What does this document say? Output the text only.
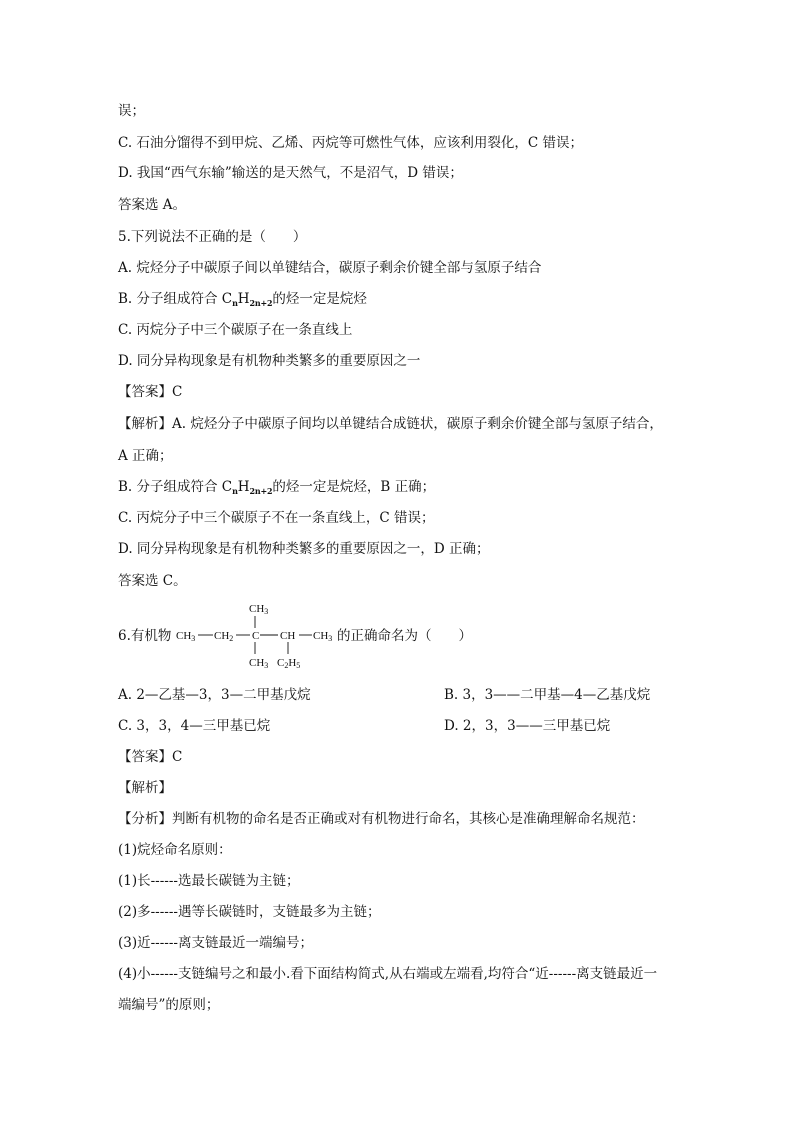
误；
C. 石油分馏得不到甲烷、乙烯、丙烷等可燃性气体，应该利用裂化，C 错误；
D. 我国“西气东输”输送的是天然气，不是沼气，D 错误；
答案选 A。
5.下列说法不正确的是（　　）
A. 烷烃分子中碳原子间以单键结合，碳原子剩余价键全部与氢原子结合
B. 分子组成符合 $C_nH_{2n+2}$的烃一定是烷烃
C. 丙烷分子中三个碳原子在一条直线上
D. 同分异构现象是有机物种类繁多的重要原因之一
【答案】C
【解析】A. 烷烃分子中碳原子间均以单键结合成链状，碳原子剩余价键全部与氢原子结合，
A 正确；
B. 分子组成符合 $C_nH_{2n+2}$的烃一定是烷烃，B 正确；
C. 丙烷分子中三个碳原子不在一条直线上，C 错误；
D. 同分异构现象是有机物种类繁多的重要原因之一，D 正确；
答案选 C。
6.有机物
CH3
CH3 CH2 C CH CH3
CH3 C2H5
的正确命名为（　　）
A. 2—乙基—3，3—二甲基戊烷	B. 3，3——二甲基—4—乙基戊烷
C. 3，3，4—三甲基已烷	D. 2，3，3——三甲基已烷
【答案】C
【解析】
【分析】判断有机物的命名是否正确或对有机物进行命名，其核心是准确理解命名规范：
(1)烷烃命名原则：
(1)长------选最长碳链为主链；
(2)多------遇等长碳链时，支链最多为主链；
(3)近------离支链最近一端编号；
(4)小------支链编号之和最小.看下面结构简式,从右端或左端看,均符合“近------离支链最近一
端编号”的原则；
